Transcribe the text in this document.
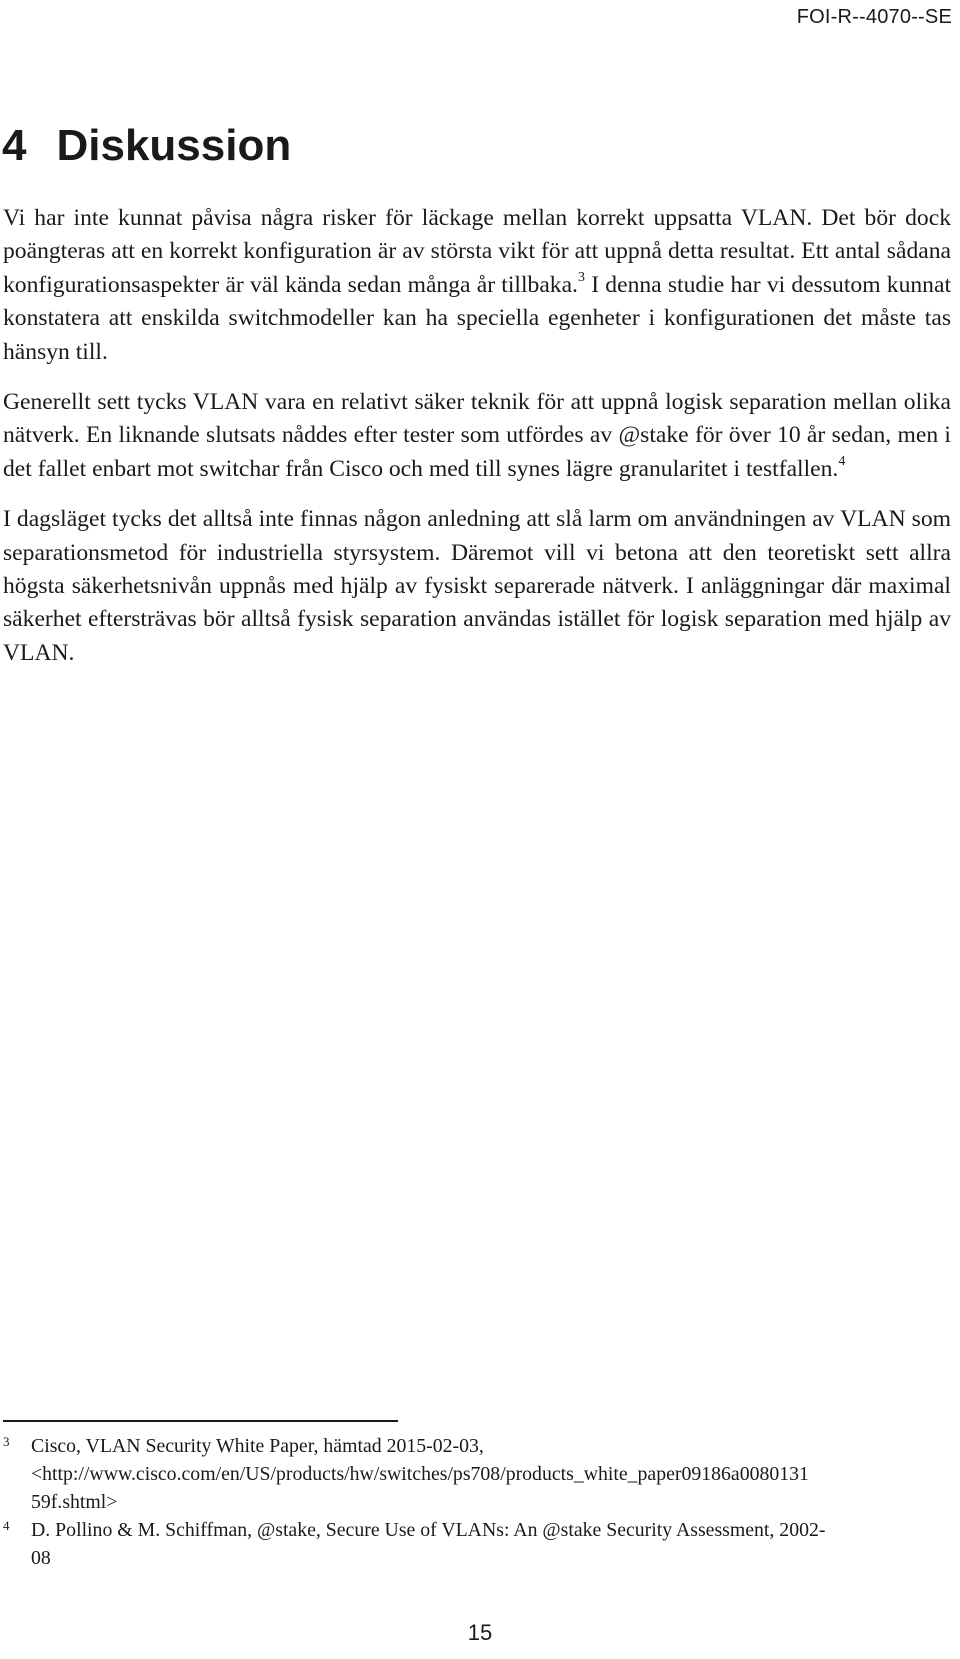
FOI-R--4070--SE
4 Diskussion

Vi har inte kunnat påvisa några risker för läckage mellan korrekt uppsatta VLAN. Det bör dock poängteras att en korrekt konfiguration är av största vikt för att uppnå detta resultat. Ett antal sådana konfigurationsaspekter är väl kända sedan många år tillbaka.$^3$ I denna studie har vi dessutom kunnat konstatera att enskilda switchmodeller kan ha speciella egenheter i konfigurationen det måste tas hänsyn till.

Generellt sett tycks VLAN vara en relativt säker teknik för att uppnå logisk separation mellan olika nätverk. En liknande slutsats nåddes efter tester som utfördes av @stake för över 10 år sedan, men i det fallet enbart mot switchar från Cisco och med till synes lägre granularitet i testfallen.$^4$

I dagsläget tycks det alltså inte finnas någon anledning att slå larm om användningen av VLAN som separationsmetod för industriella styrsystem. Däremot vill vi betona att den teoretiskt sett allra högsta säkerhetsnivån uppnås med hjälp av fysiskt separerade nätverk. I anläggningar där maximal säkerhet eftersträvas bör alltså fysisk separation användas istället för logisk separation med hjälp av VLAN.

3 Cisco, VLAN Security White Paper, hämtad 2015-02-03,
<http://www.cisco.com/en/US/products/hw/switches/ps708/products_white_paper09186a0080131
59f.shtml>
4 D. Pollino & M. Schiffman, @stake, Secure Use of VLANs: An @stake Security Assessment, 2002-
08
15
